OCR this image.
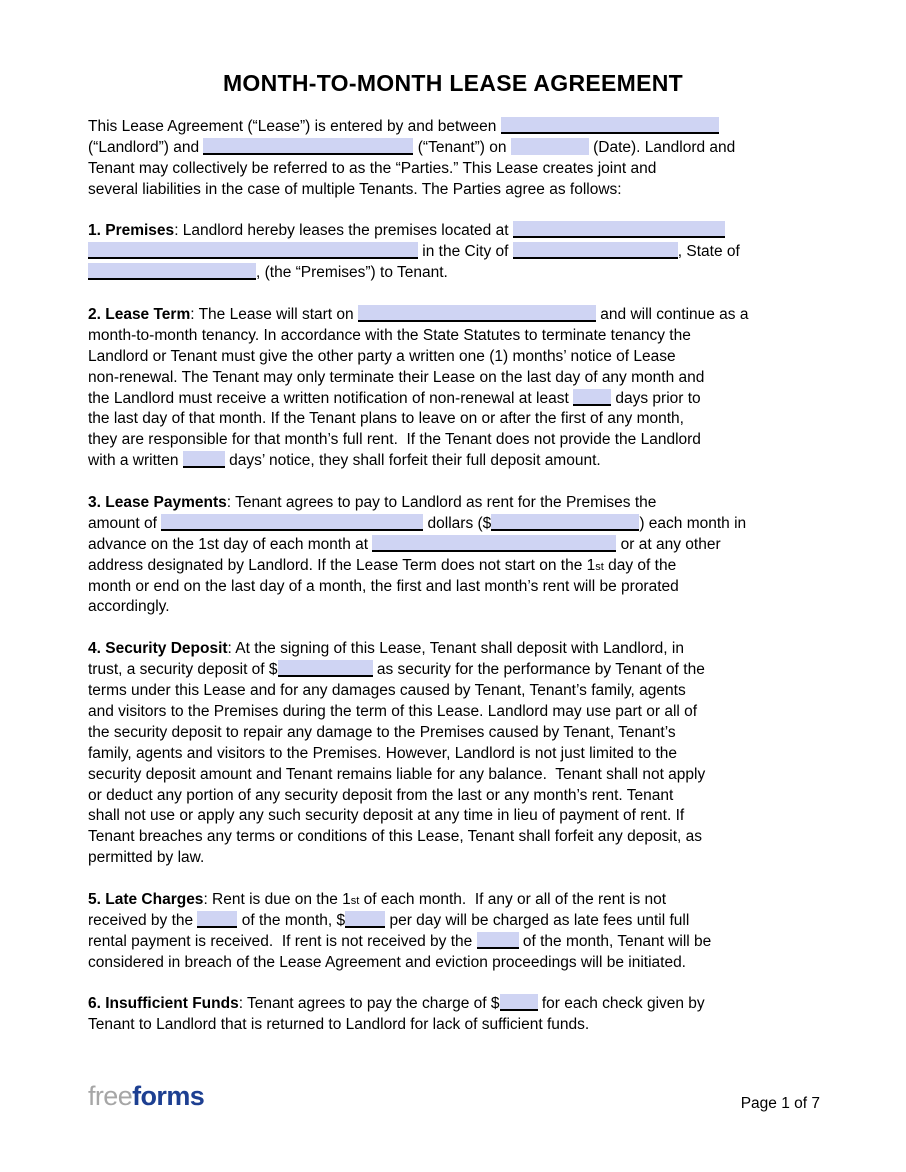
MONTH-TO-MONTH LEASE AGREEMENT
This Lease Agreement (“Lease”) is entered by and between
(“Landlord”) and	(“Tenant”) on	(Date). Landlord and
Tenant may collectively be referred to as the “Parties.” This Lease creates joint and
several liabilities in the case of multiple Tenants. The Parties agree as follows:
1. Premises: Landlord hereby leases the premises located at
in the City of	, State of
, (the “Premises”) to Tenant.
2. Lease Term: The Lease will start on	and will continue as a
month-to-month tenancy. In accordance with the State Statutes to terminate tenancy the
Landlord or Tenant must give the other party a written one (1) months’ notice of Lease
non-renewal. The Tenant may only terminate their Lease on the last day of any month and
the Landlord must receive a written notification of non-renewal at least  days prior to
the last day of that month. If the Tenant plans to leave on or after the first of any month,
they are responsible for that month’s full rent.  If the Tenant does not provide the Landlord
with a written	days’ notice, they shall forfeit their full deposit amount.
3. Lease Payments: Tenant agrees to pay to Landlord as rent for the Premises the
amount of	dollars ($	) each month in
advance on the 1st day of each month at	or at any other
address designated by Landlord. If the Lease Term does not start on the 1st day of the
month or end on the last day of a month, the first and last month’s rent will be prorated
accordingly.
4. Security Deposit: At the signing of this Lease, Tenant shall deposit with Landlord, in
trust, a security deposit of $	as security for the performance by Tenant of the
terms under this Lease and for any damages caused by Tenant, Tenant’s family, agents
and visitors to the Premises during the term of this Lease. Landlord may use part or all of
the security deposit to repair any damage to the Premises caused by Tenant, Tenant’s
family, agents and visitors to the Premises. However, Landlord is not just limited to the
security deposit amount and Tenant remains liable for any balance.  Tenant shall not apply
or deduct any portion of any security deposit from the last or any month’s rent. Tenant
shall not use or apply any such security deposit at any time in lieu of payment of rent. If
Tenant breaches any terms or conditions of this Lease, Tenant shall forfeit any deposit, as
permitted by law.
5. Late Charges: Rent is due on the 1st of each month.  If any or all of the rent is not
received by the	of the month, $	per day will be charged as late fees until full
rental payment is received.  If rent is not received by the	of the month, Tenant will be
considered in breach of the Lease Agreement and eviction proceedings will be initiated.
6. Insufficient Funds: Tenant agrees to pay the charge of $ for each check given by
Tenant to Landlord that is returned to Landlord for lack of sufficient funds.
freeforms	Page 1 of 7
